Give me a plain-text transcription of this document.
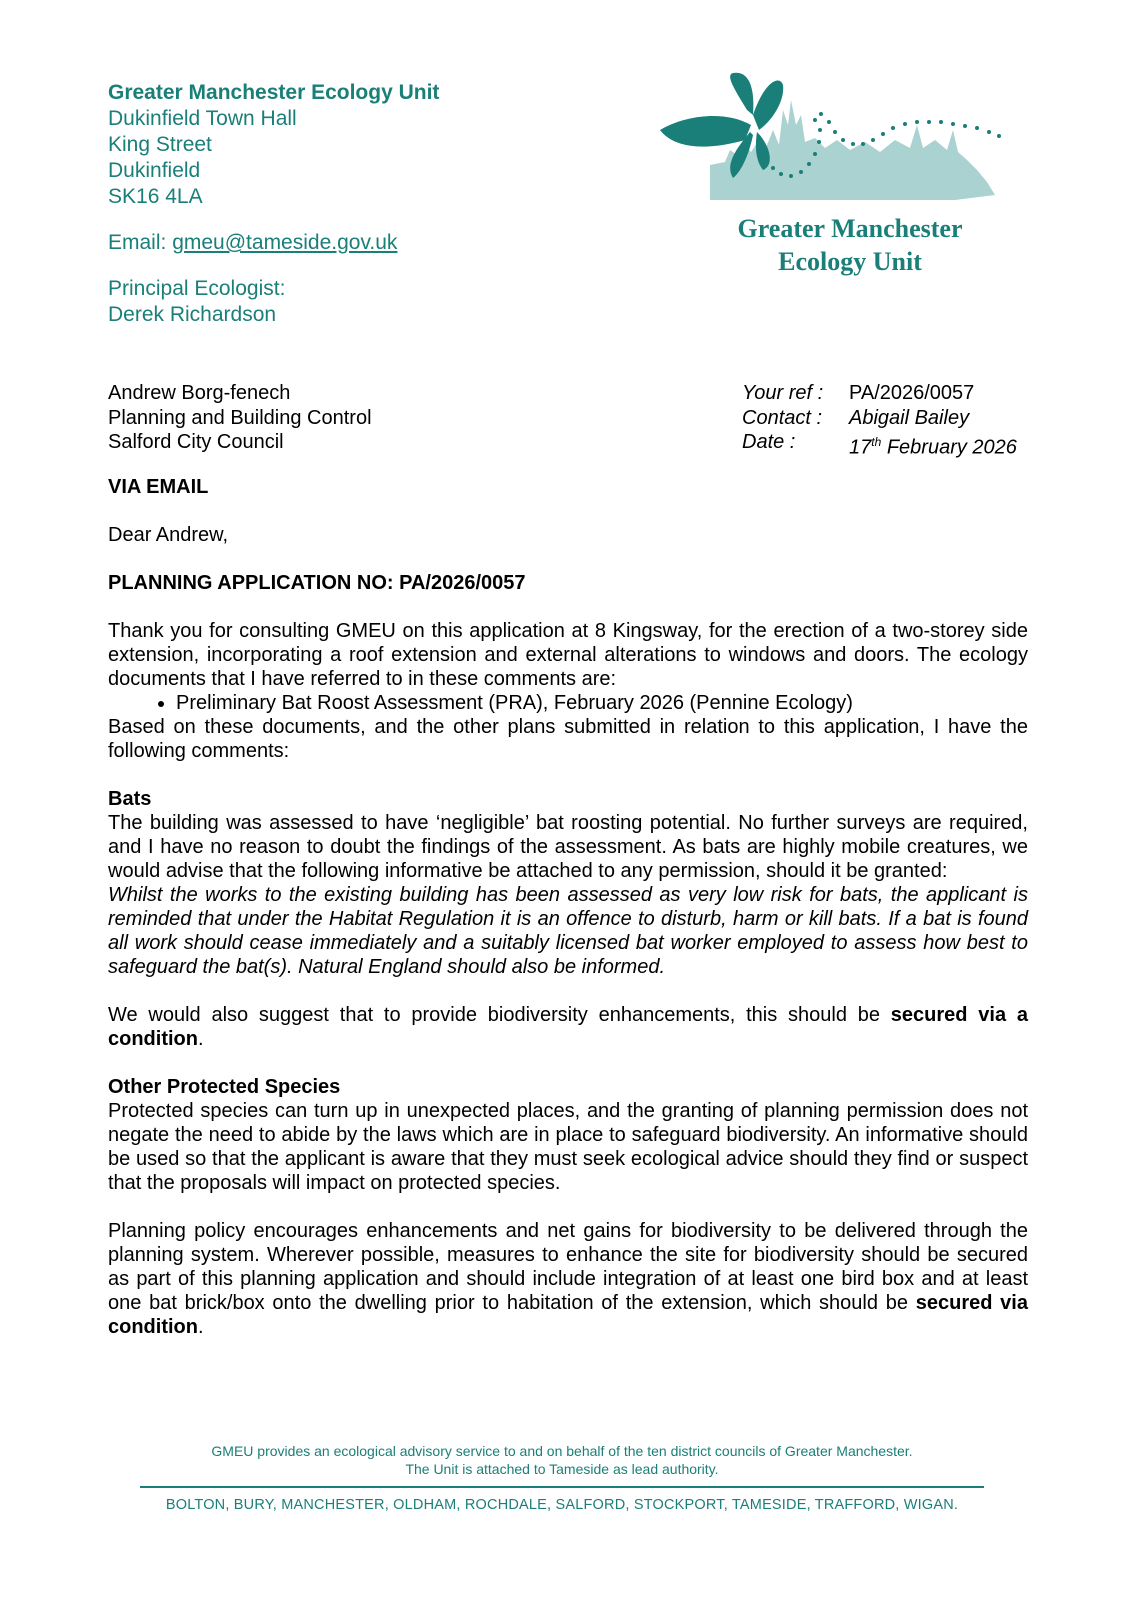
Greater Manchester Ecology Unit
Dukinfield Town Hall
King Street
Dukinfield
SK16 4LA
Email: gmeu@tameside.gov.uk
Principal Ecologist:
Derek Richardson
Greater Manchester
Ecology Unit
Andrew Borg-fenech
Planning and Building Control
Salford City Council
Your ref :	PA/2026/0057
Contact :	Abigail Bailey
Date :	17th February 2026

VIA EMAIL

Dear Andrew,

PLANNING APPLICATION NO: PA/2026/0057

Thank you for consulting GMEU on this application at 8 Kingsway, for the erection of a two-storey side extension, incorporating a roof extension and external alterations to windows and doors. The ecology documents that I have referred to in these comments are:

• Preliminary Bat Roost Assessment (PRA), February 2026 (Pennine Ecology)

Based on these documents, and the other plans submitted in relation to this application, I have the following comments:

Bats

The building was assessed to have ‘negligible’ bat roosting potential. No further surveys are required, and I have no reason to doubt the findings of the assessment. As bats are highly mobile creatures, we would advise that the following informative be attached to any permission, should it be granted:

Whilst the works to the existing building has been assessed as very low risk for bats, the applicant is reminded that under the Habitat Regulation it is an offence to disturb, harm or kill bats. If a bat is found all work should cease immediately and a suitably licensed bat worker employed to assess how best to safeguard the bat(s). Natural England should also be informed.

We would also suggest that to provide biodiversity enhancements, this should be secured via a condition.

Other Protected Species

Protected species can turn up in unexpected places, and the granting of planning permission does not negate the need to abide by the laws which are in place to safeguard biodiversity. An informative should be used so that the applicant is aware that they must seek ecological advice should they find or suspect that the proposals will impact on protected species.

Planning policy encourages enhancements and net gains for biodiversity to be delivered through the planning system. Wherever possible, measures to enhance the site for biodiversity should be secured as part of this planning application and should include integration of at least one bird box and at least one bat brick/box onto the dwelling prior to habitation of the extension, which should be secured via condition.

GMEU provides an ecological advisory service to and on behalf of the ten district councils of Greater Manchester.
The Unit is attached to Tameside as lead authority.
BOLTON, BURY, MANCHESTER, OLDHAM, ROCHDALE, SALFORD, STOCKPORT, TAMESIDE, TRAFFORD, WIGAN.
